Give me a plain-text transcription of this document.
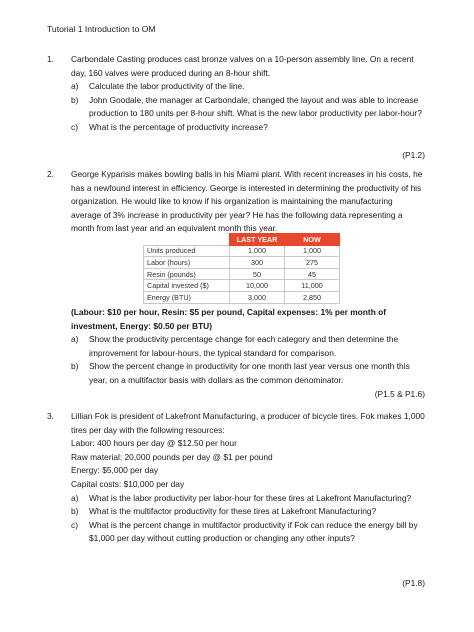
Tutorial 1 Introduction to OM
1.	Carbondale Casting produces cast bronze valves on a 10-person assembly line. On a recent day, 160 valves were produced during an 8-hour shift.
a)	Calculate the labor productivity of the line.
b)	John Goodale, the manager at Carbondale, changed the layout and was able to increase production to 180 units per 8-hour shift. What is the new labor productivity per labor-hour?
c)	What is the percentage of productivity increase?
(P1.2)
2.	George Kyparisis makes bowling balls in his Miami plant. With recent increases in his costs, he has a newfound interest in efficiency. George is interested in determining the productivity of his organization. He would like to know if his organization is maintaining the manufacturing average of 3% increase in productivity per year? He has the following data representing a month from last year and an equivalent month this year.
	LAST YEAR	NOW
Units produced	1,000	1,000
Labor (hours)	300	275
Resin (pounds)	50	45
Capital invested ($)	10,000	11,000
Energy (BTU)	3,000	2,850
(Labour: $10 per hour, Resin: $5 per pound, Capital expenses: 1% per month of investment, Energy: $0.50 per BTU)
a)	Show the productivity percentage change for each category and then determine the improvement for labour-hours, the typical standard for comparison.
b)	Show the percent change in productivity for one month last year versus one month this year, on a multifactor basis with dollars as the common denominator.
(P1.5 & P1.6)
3.	Lillian Fok is president of Lakefront Manufacturing, a producer of bicycle tires. Fok makes 1,000 tires per day with the following resources:
Labor: 400 hours per day @ $12.50 per hour
Raw material: 20,000 pounds per day @ $1 per pound
Energy: $5,000 per day
Capital costs: $10,000 per day
a)	What is the labor productivity per labor-hour for these tires at Lakefront Manufacturing?
b)	What is the multifactor productivity for these tires at Lakefront Manufacturing?
c)	What is the percent change in multifactor productivity if Fok can reduce the energy bill by $1,000 per day without cutting production or changing any other inputs?
(P1.8)
